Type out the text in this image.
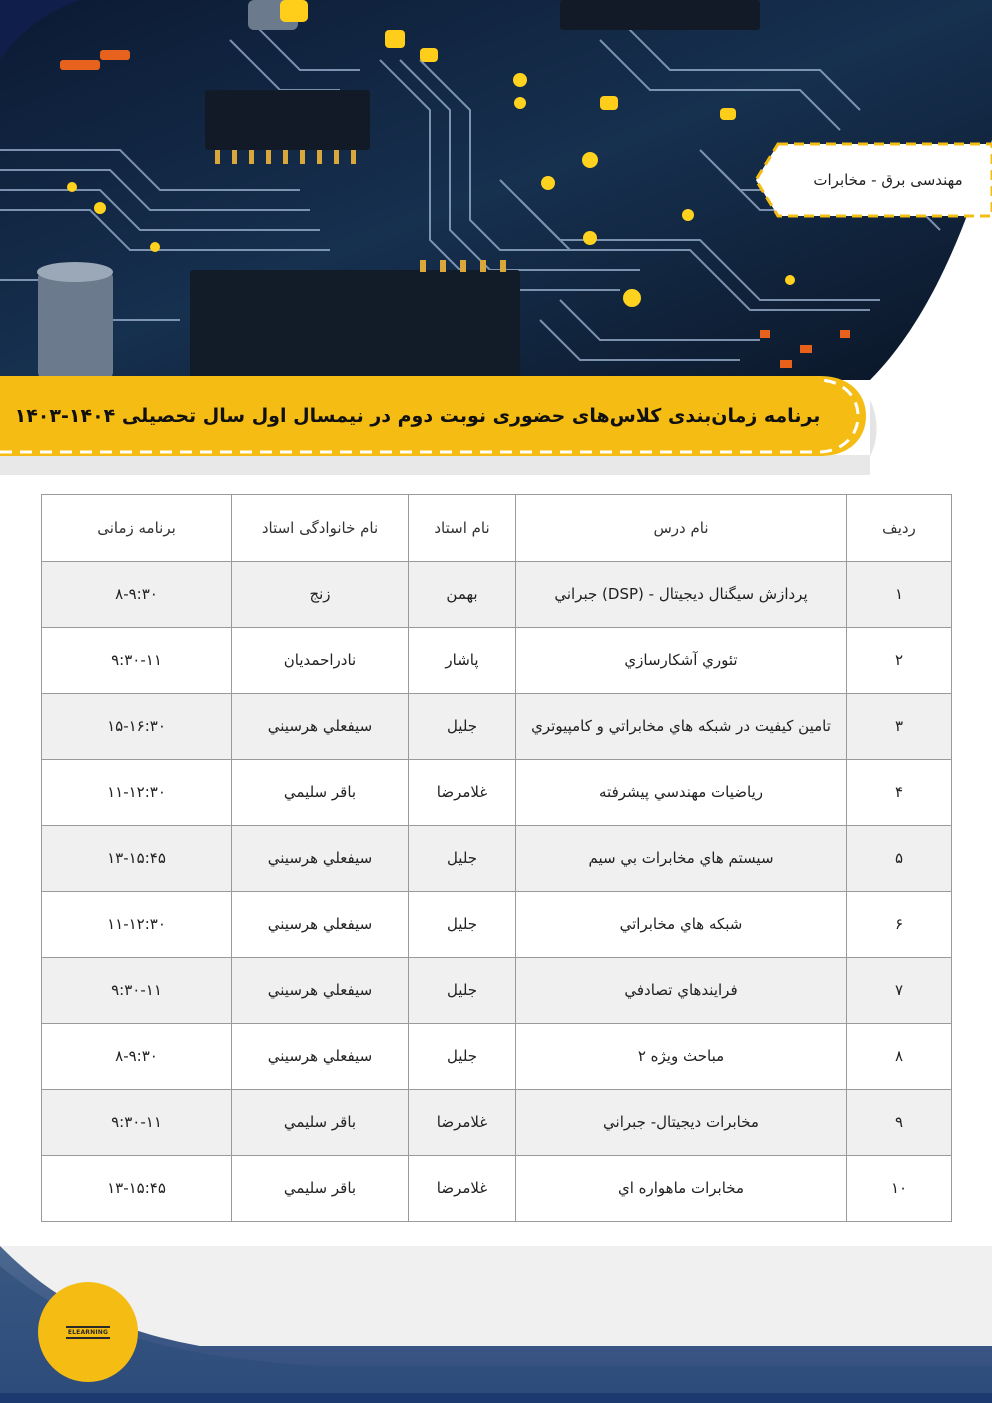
مهندسی برق - مخابرات
برنامه زمان‌بندی کلاس‌های حضوری نوبت دوم در نیمسال اول سال تحصیلی ۱۴۰۴-۱۴۰۳
ردیف	نام درس	نام استاد	نام خانوادگی استاد	برنامه زمانی
۱	پردازش سیگنال دیجیتال - (DSP) جبراني	بهمن	زنج	۸-۹:۳۰
۲	تئوري آشكارسازي	پاشار	نادراحمديان	۹:۳۰-۱۱
۳	تامين كيفيت در شبكه هاي مخابراتي و كامپيوتري	جليل	سيفعلي هرسيني	۱۵-۱۶:۳۰
۴	رياضيات مهندسي پيشرفته	غلامرضا	باقر سليمي	۱۱-۱۲:۳۰
۵	سيستم هاي مخابرات بي سيم	جليل	سيفعلي هرسيني	۱۳-۱۵:۴۵
۶	شبكه هاي مخابراتي	جليل	سيفعلي هرسيني	۱۱-۱۲:۳۰
۷	فرايندهاي تصادفي	جليل	سيفعلي هرسيني	۹:۳۰-۱۱
۸	مباحث ويژه ۲	جليل	سيفعلي هرسيني	۸-۹:۳۰
۹	مخابرات ديجيتال- جبراني	غلامرضا	باقر سليمي	۹:۳۰-۱۱
۱۰	مخابرات ماهواره اي	غلامرضا	باقر سليمي	۱۳-۱۵:۴۵
ELEARNING
